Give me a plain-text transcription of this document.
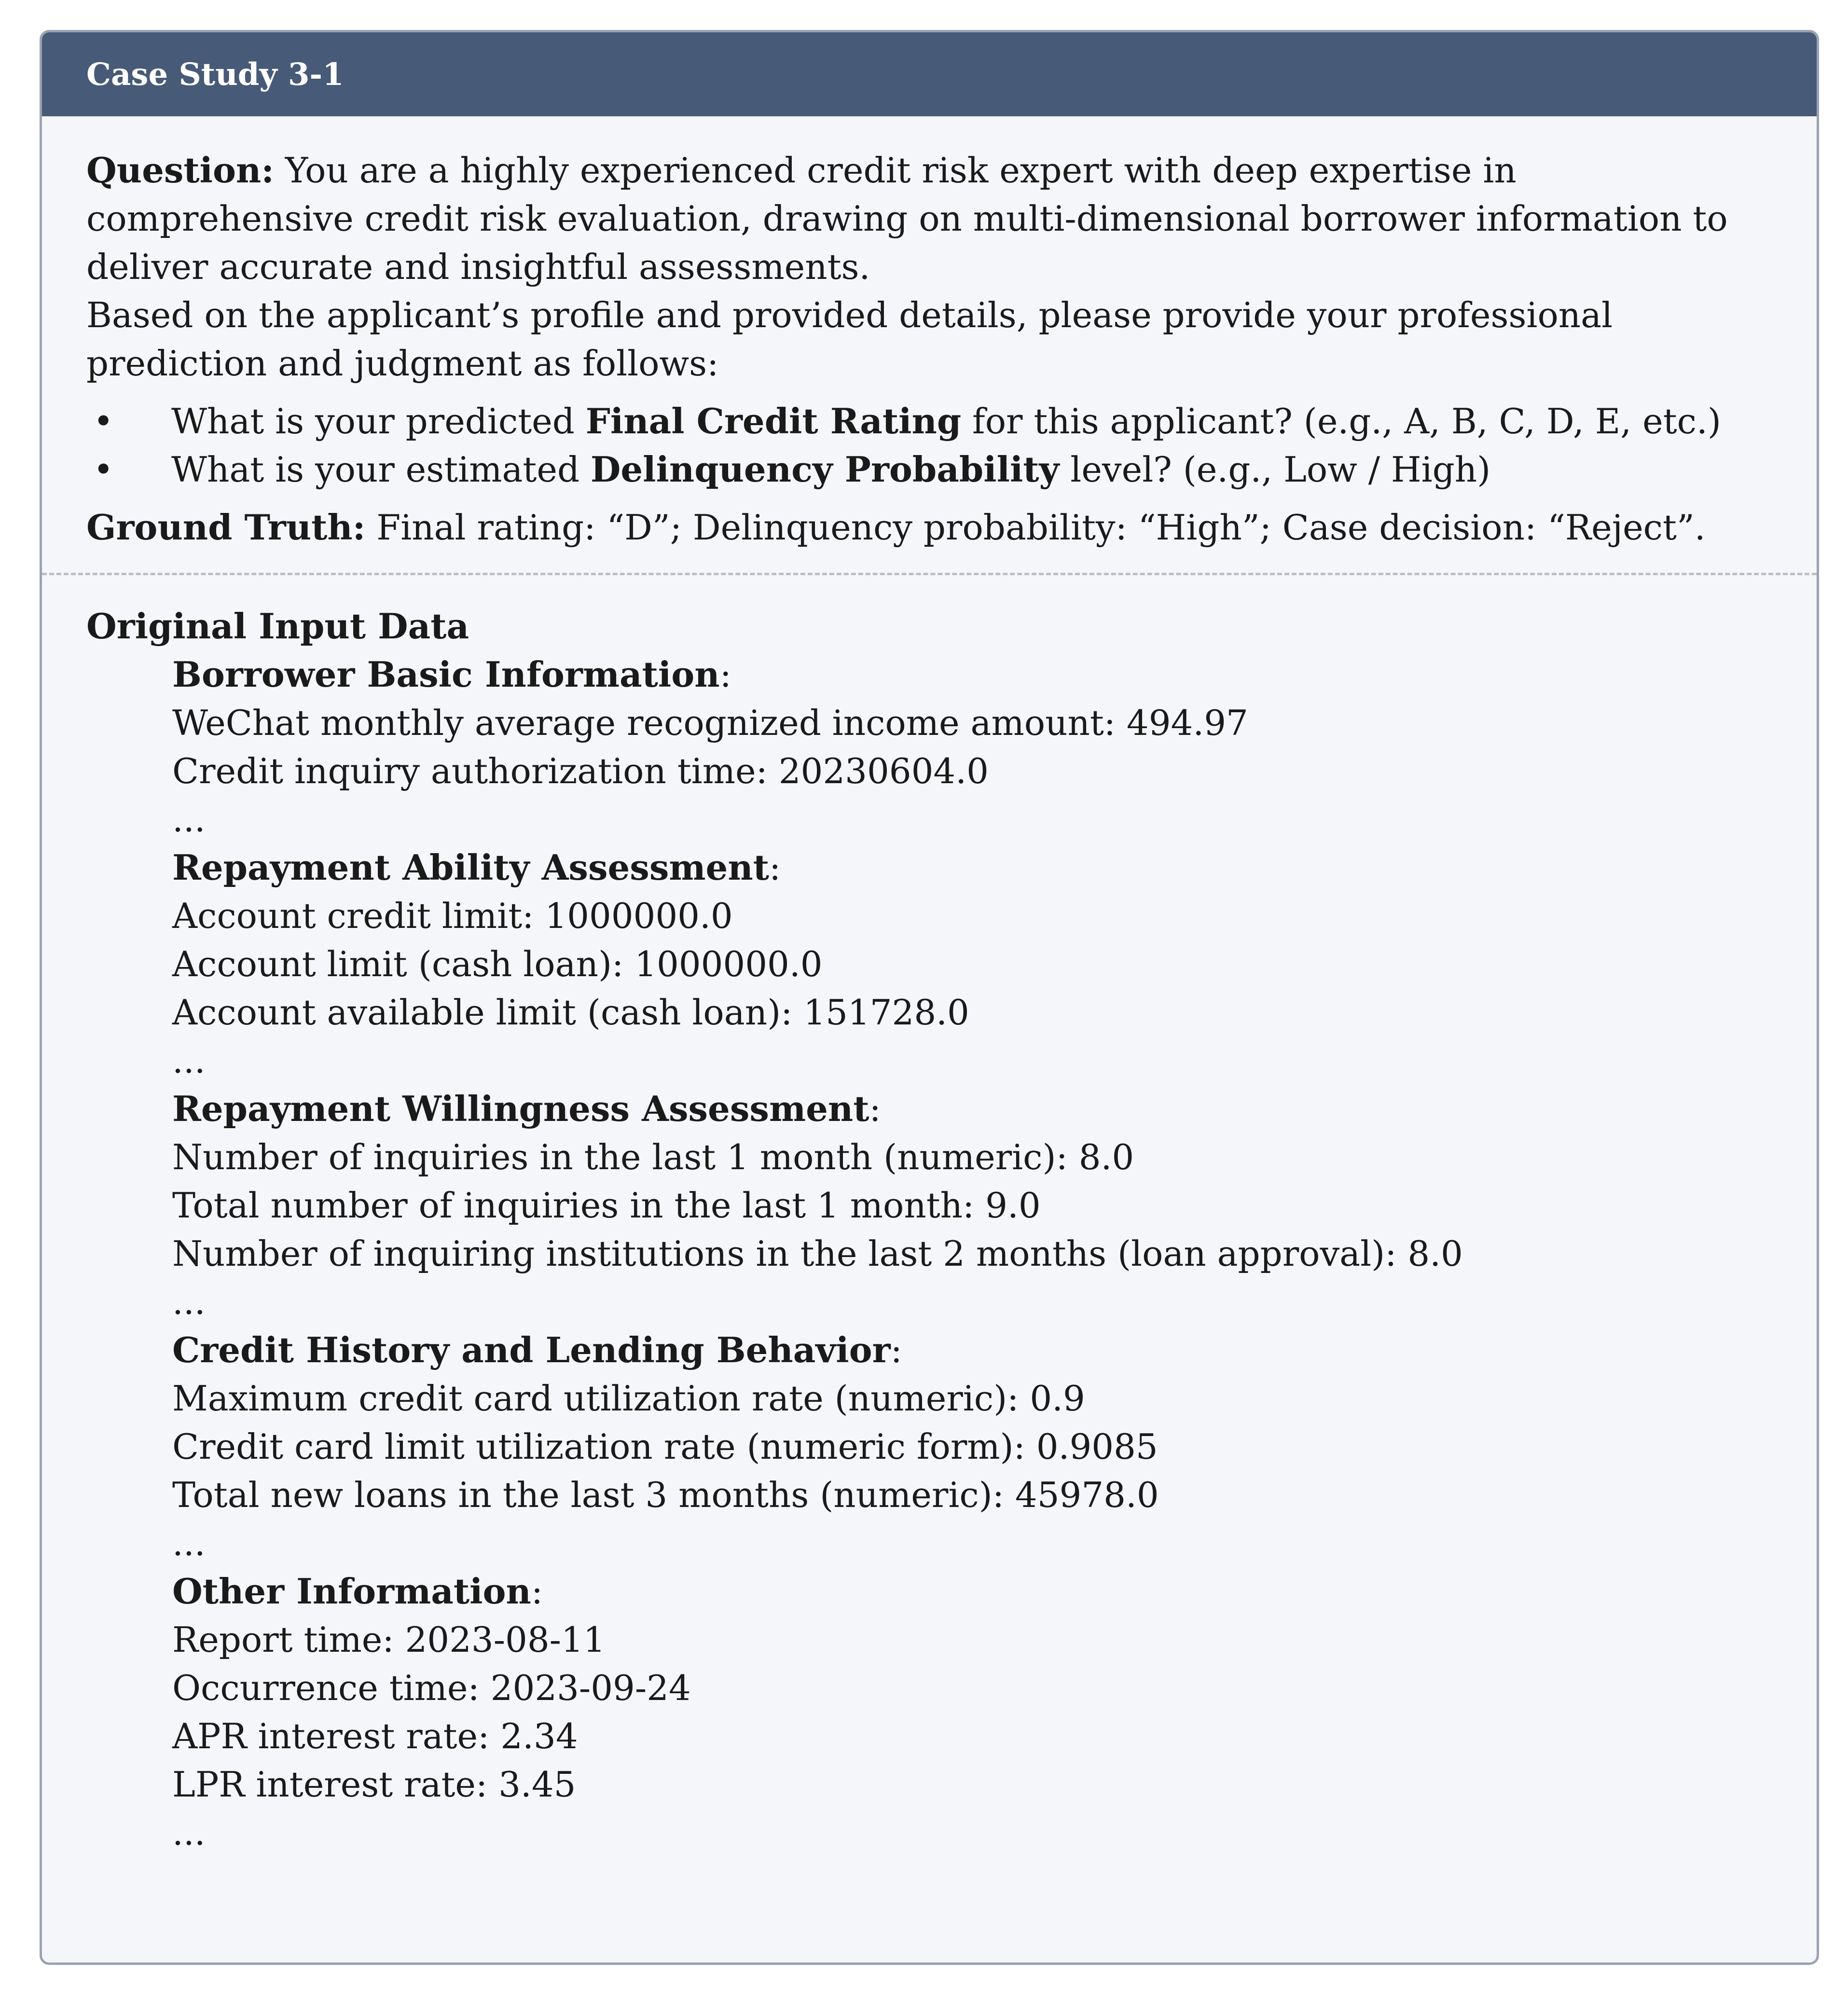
Case Study 3-1

Question: You are a highly experienced credit risk expert with deep expertise in comprehensive credit risk evaluation, drawing on multi-dimensional borrower information to deliver accurate and insightful assessments.

Based on the applicant’s profile and provided details, please provide your professional prediction and judgment as follows:

• What is your predicted Final Credit Rating for this applicant? (e.g., A, B, C, D, E, etc.)
• What is your estimated Delinquency Probability level? (e.g., Low / High)

Ground Truth: Final rating: “D”; Delinquency probability: “High”; Case decision: “Reject”.

Original Input Data

Borrower Basic Information:
WeChat monthly average recognized income amount: 494.97
Credit inquiry authorization time: 20230604.0
...
Repayment Ability Assessment:
Account credit limit: 1000000.0
Account limit (cash loan): 1000000.0
Account available limit (cash loan): 151728.0
...
Repayment Willingness Assessment:
Number of inquiries in the last 1 month (numeric): 8.0
Total number of inquiries in the last 1 month: 9.0
Number of inquiring institutions in the last 2 months (loan approval): 8.0
...
Credit History and Lending Behavior:
Maximum credit card utilization rate (numeric): 0.9
Credit card limit utilization rate (numeric form): 0.9085
Total new loans in the last 3 months (numeric): 45978.0
...
Other Information:
Report time: 2023-08-11
Occurrence time: 2023-09-24
APR interest rate: 2.34
LPR interest rate: 3.45
...
